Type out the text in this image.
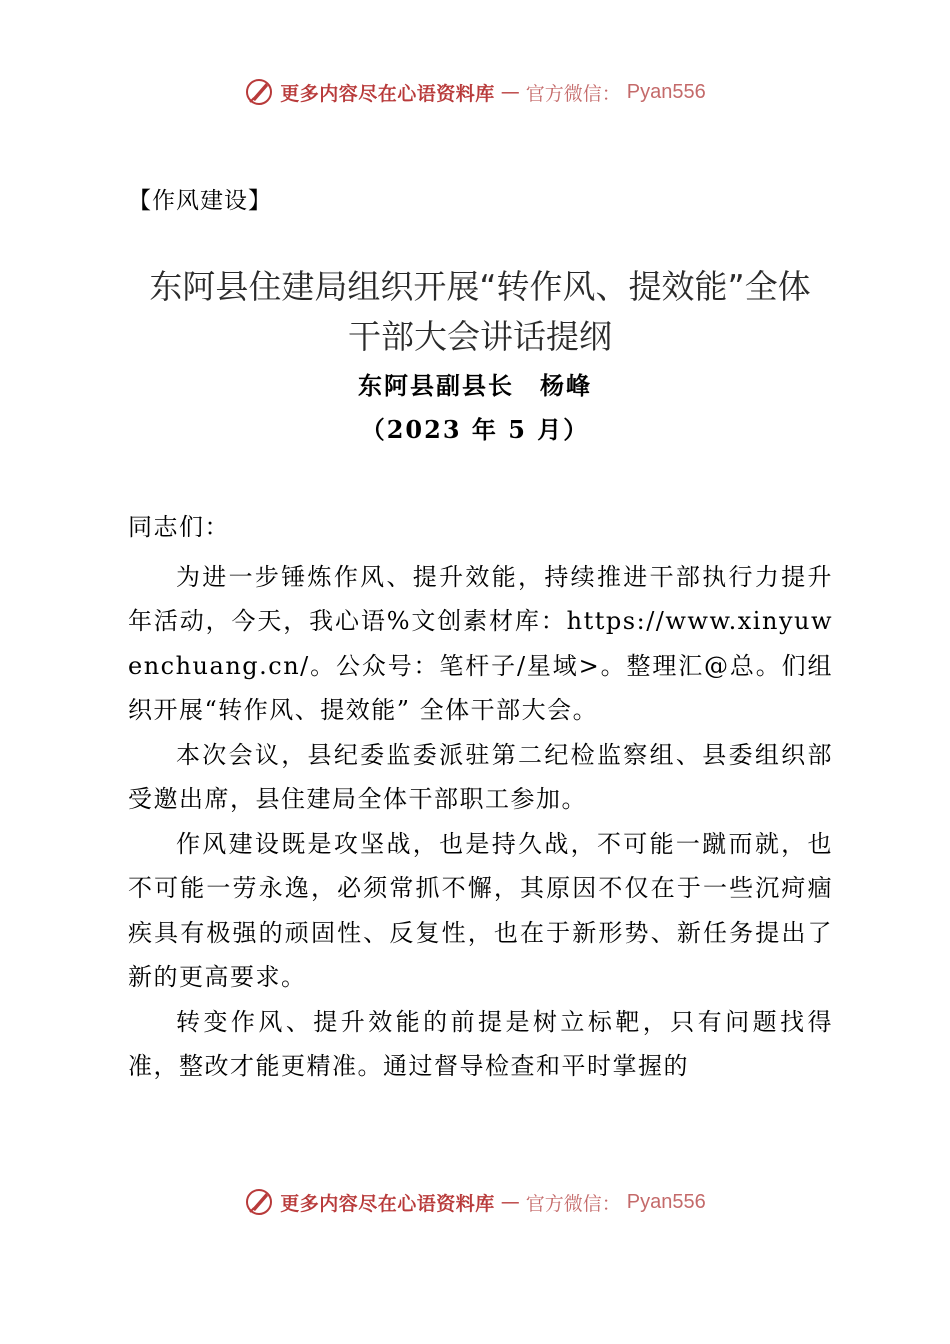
更多内容尽在心语资料库 — 官方微信： Pyan556
【作风建设】
东阿县住建局组织开展“转作风、提效能”全体
干部大会讲话提纲
东阿县副县长　杨峰
（2023 年 5 月）

同志们：

为进一步锤炼作风、提升效能，持续推进干部执行力提升年活动，今天，我心语%文创素材库：https://www.xinyuwenchuang.cn/。公众号：笔杆子/星域>。整理汇@总。们组织开展“转作风、提效能” 全体干部大会。

本次会议，县纪委监委派驻第二纪检监察组、县委组织部受邀出席，县住建局全体干部职工参加。

作风建设既是攻坚战，也是持久战，不可能一蹴而就，也不可能一劳永逸，必须常抓不懈，其原因不仅在于一些沉疴痼疾具有极强的顽固性、反复性，也在于新形势、新任务提出了新的更高要求。

转变作风、提升效能的前提是树立标靶，只有问题找得准，整改才能更精准。通过督导检查和平时掌握的

更多内容尽在心语资料库 — 官方微信： Pyan556
